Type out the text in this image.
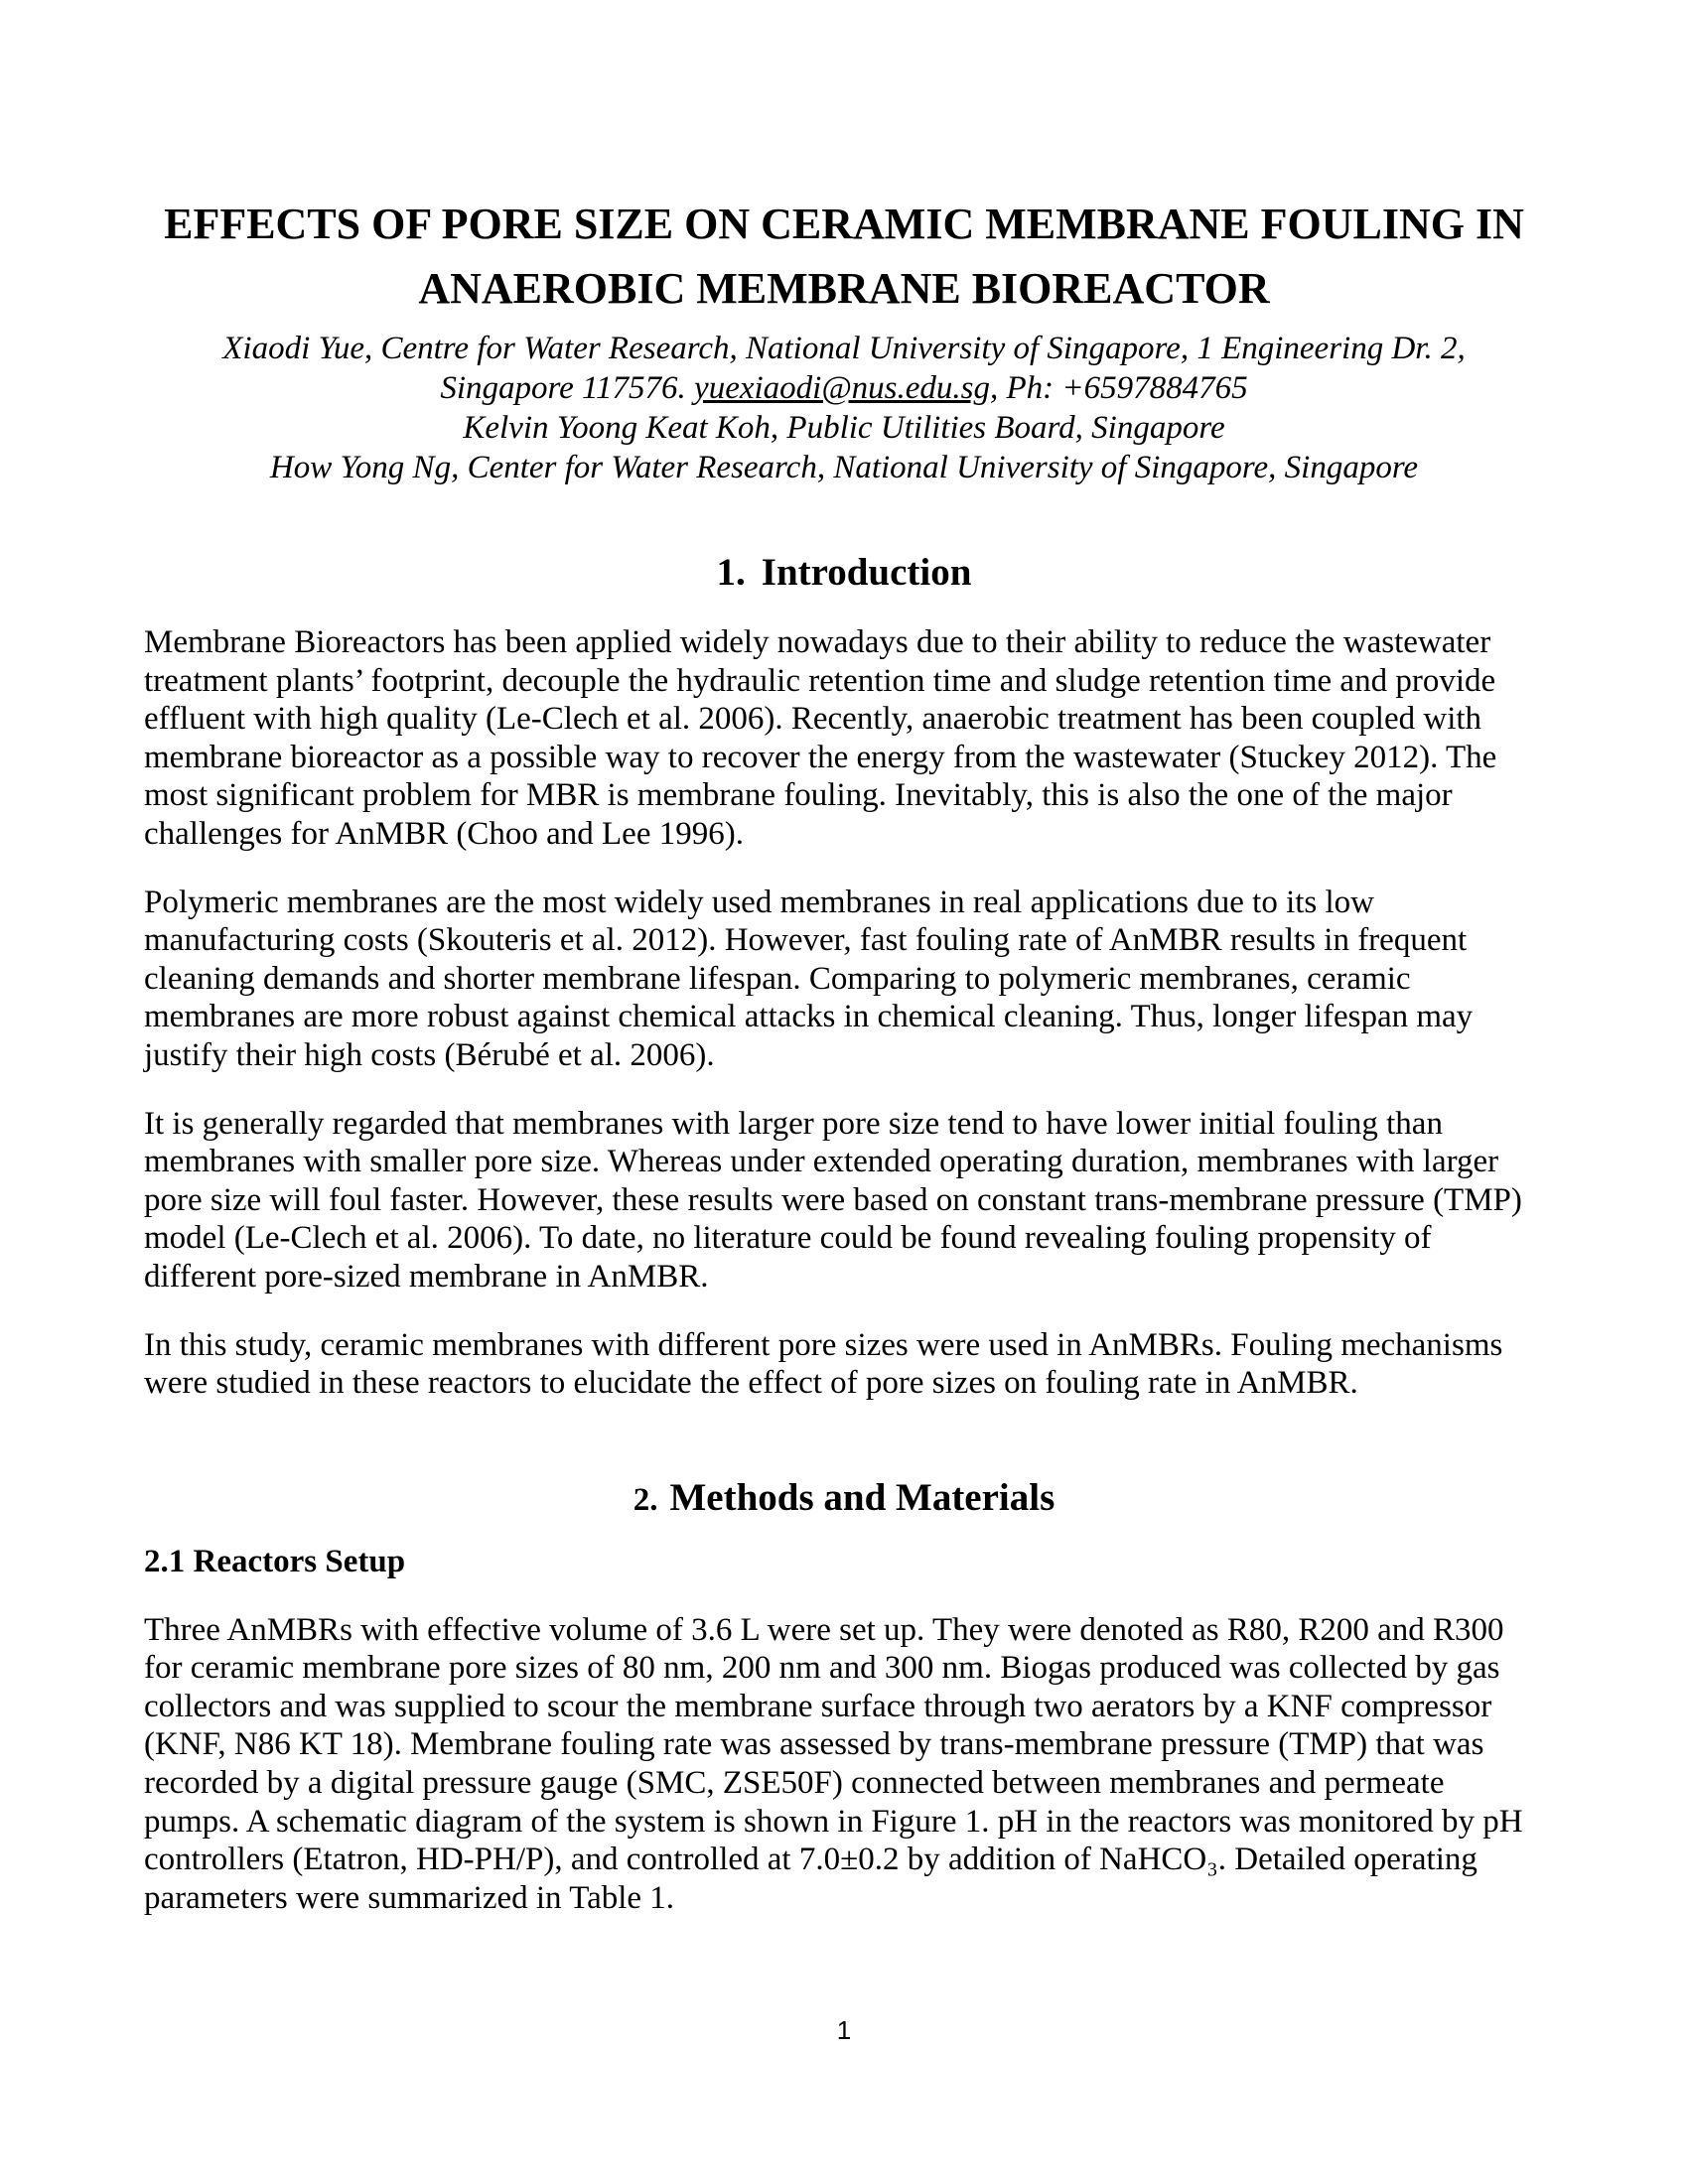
EFFECTS OF PORE SIZE ON CERAMIC MEMBRANE FOULING IN
ANAEROBIC MEMBRANE BIOREACTOR
Xiaodi Yue, Centre for Water Research, National University of Singapore, 1 Engineering Dr. 2,
Singapore 117576. yuexiaodi@nus.edu.sg, Ph: +6597884765
Kelvin Yoong Keat Koh, Public Utilities Board, Singapore
How Yong Ng, Center for Water Research, National University of Singapore, Singapore
1. Introduction

Membrane Bioreactors has been applied widely nowadays due to their ability to reduce the wastewater treatment plants’ footprint, decouple the hydraulic retention time and sludge retention time and provide effluent with high quality (Le-Clech et al. 2006). Recently, anaerobic treatment has been coupled with membrane bioreactor as a possible way to recover the energy from the wastewater (Stuckey 2012). The most significant problem for MBR is membrane fouling. Inevitably, this is also the one of the major challenges for AnMBR (Choo and Lee 1996).

Polymeric membranes are the most widely used membranes in real applications due to its low manufacturing costs (Skouteris et al. 2012). However, fast fouling rate of AnMBR results in frequent cleaning demands and shorter membrane lifespan. Comparing to polymeric membranes, ceramic membranes are more robust against chemical attacks in chemical cleaning. Thus, longer lifespan may justify their high costs (Bérubé et al. 2006).

It is generally regarded that membranes with larger pore size tend to have lower initial fouling than membranes with smaller pore size. Whereas under extended operating duration, membranes with larger pore size will foul faster. However, these results were based on constant trans-membrane pressure (TMP) model (Le-Clech et al. 2006). To date, no literature could be found revealing fouling propensity of different pore-sized membrane in AnMBR.

In this study, ceramic membranes with different pore sizes were used in AnMBRs. Fouling mechanisms were studied in these reactors to elucidate the effect of pore sizes on fouling rate in AnMBR.

2. Methods and Materials
2.1 Reactors Setup

Three AnMBRs with effective volume of 3.6 L were set up. They were denoted as R80, R200 and R300 for ceramic membrane pore sizes of 80 nm, 200 nm and 300 nm. Biogas produced was collected by gas collectors and was supplied to scour the membrane surface through two aerators by a KNF compressor (KNF, N86 KT 18). Membrane fouling rate was assessed by trans-membrane pressure (TMP) that was recorded by a digital pressure gauge (SMC, ZSE50F) connected between membranes and permeate pumps. A schematic diagram of the system is shown in Figure 1. pH in the reactors was monitored by pH controllers (Etatron, HD-PH/P), and controlled at 7.0±0.2 by addition of NaHCO₃. Detailed operating parameters were summarized in Table 1.

1
